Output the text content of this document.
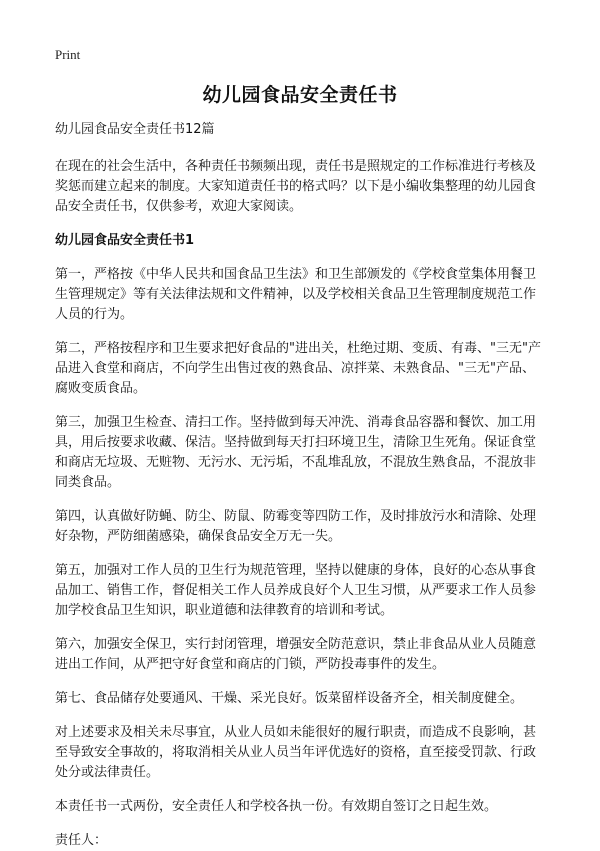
Print
幼儿园食品安全责任书

幼儿园食品安全责任书12篇

在现在的社会生活中，各种责任书频频出现，责任书是照规定的工作标准进行考核及奖惩而建立起来的制度。大家知道责任书的格式吗？以下是小编收集整理的幼儿园食品安全责任书，仅供参考，欢迎大家阅读。

幼儿园食品安全责任书1

第一，严格按《中华人民共和国食品卫生法》和卫生部颁发的《学校食堂集体用餐卫生管理规定》等有关法律法规和文件精神，以及学校相关食品卫生管理制度规范工作人员的行为。

第二，严格按程序和卫生要求把好食品的"进出关，杜绝过期、变质、有毒、"三无"产品进入食堂和商店，不向学生出售过夜的熟食品、凉拌菜、未熟食品、"三无"产品、腐败变质食品。

第三，加强卫生检查、清扫工作。坚持做到每天冲洗、消毒食品容器和餐饮、加工用具，用后按要求收藏、保洁。坚持做到每天打扫环境卫生，清除卫生死角。保证食堂和商店无垃圾、无赃物、无污水、无污垢，不乱堆乱放，不混放生熟食品，不混放非同类食品。

第四，认真做好防蝇、防尘、防鼠、防霉变等四防工作，及时排放污水和清除、处理好杂物，严防细菌感染，确保食品安全万无一失。

第五，加强对工作人员的卫生行为规范管理，坚持以健康的身体，良好的心态从事食品加工、销售工作，督促相关工作人员养成良好个人卫生习惯，从严要求工作人员参加学校食品卫生知识，职业道德和法律教育的培训和考试。

第六，加强安全保卫，实行封闭管理，增强安全防范意识，禁止非食品从业人员随意进出工作间，从严把守好食堂和商店的门锁，严防投毒事件的发生。

第七、食品储存处要通风、干燥、采光良好。饭菜留样设备齐全，相关制度健全。

对上述要求及相关未尽事宜，从业人员如未能很好的履行职责，而造成不良影响，甚至导致安全事故的，将取消相关从业人员当年评优选好的资格，直至接受罚款、行政处分或法律责任。

本责任书一式两份，安全责任人和学校各执一份。有效期自签订之日起生效。

责任人：
